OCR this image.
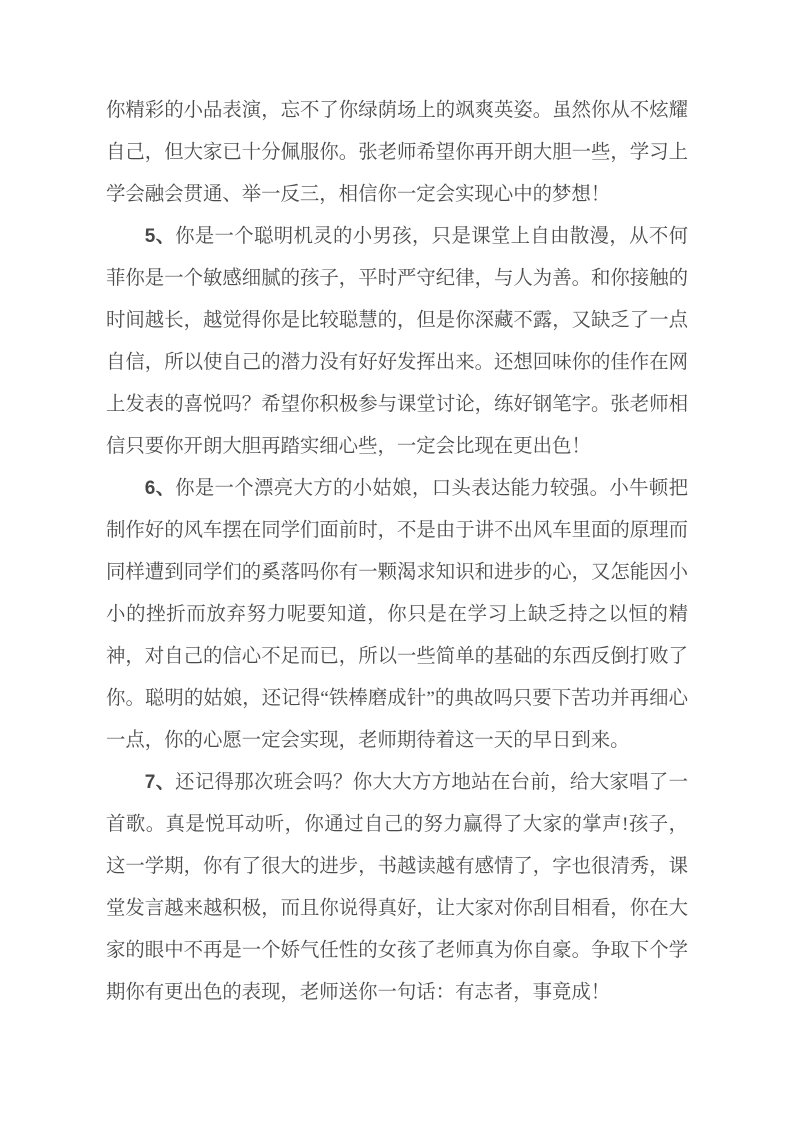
你精彩的小品表演，忘不了你绿荫场上的飒爽英姿。虽然你从不炫耀自己，但大家已十分佩服你。张老师希望你再开朗大胆一些，学习上学会融会贯通、举一反三，相信你一定会实现心中的梦想！

5、你是一个聪明机灵的小男孩，只是课堂上自由散漫，从不何菲你是一个敏感细腻的孩子，平时严守纪律，与人为善。和你接触的时间越长，越觉得你是比较聪慧的，但是你深藏不露，又缺乏了一点自信，所以使自己的潜力没有好好发挥出来。还想回味你的佳作在网上发表的喜悦吗？希望你积极参与课堂讨论，练好钢笔字。张老师相信只要你开朗大胆再踏实细心些，一定会比现在更出色！

6、你是一个漂亮大方的小姑娘，口头表达能力较强。小牛顿把制作好的风车摆在同学们面前时，不是由于讲不出风车里面的原理而同样遭到同学们的奚落吗你有一颗渴求知识和进步的心，又怎能因小小的挫折而放弃努力呢要知道，你只是在学习上缺乏持之以恒的精神，对自己的信心不足而已，所以一些简单的基础的东西反倒打败了你。聪明的姑娘，还记得“铁棒磨成针”的典故吗只要下苦功并再细心一点，你的心愿一定会实现，老师期待着这一天的早日到来。

7、还记得那次班会吗？你大大方方地站在台前，给大家唱了一首歌。真是悦耳动听，你通过自己的努力赢得了大家的掌声!孩子，这一学期，你有了很大的进步，书越读越有感情了，字也很清秀，课堂发言越来越积极，而且你说得真好，让大家对你刮目相看，你在大家的眼中不再是一个娇气任性的女孩了老师真为你自豪。争取下个学期你有更出色的表现，老师送你一句话：有志者，事竟成！
